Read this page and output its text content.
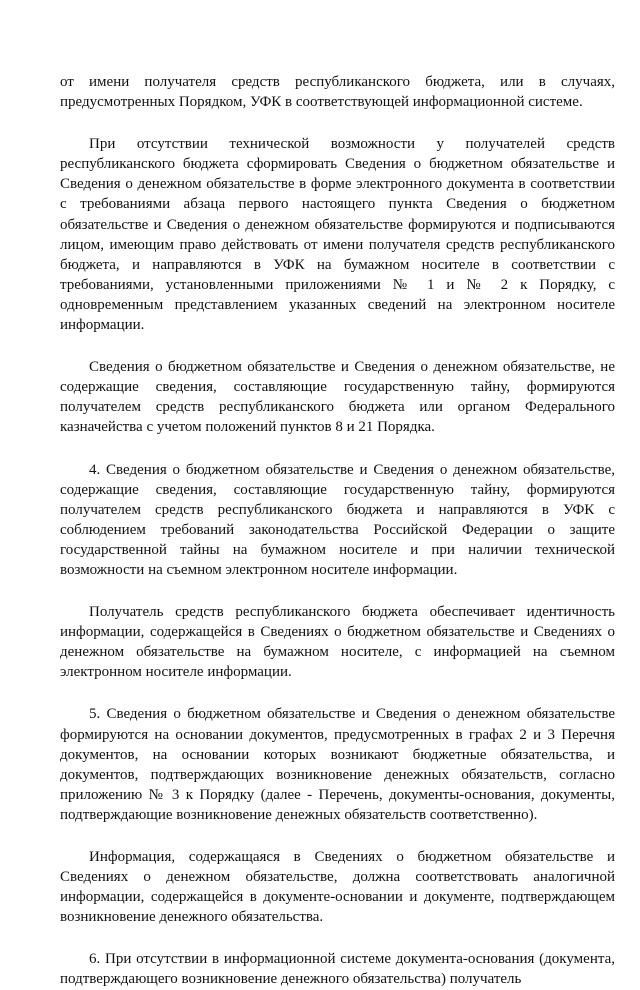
от имени получателя средств республиканского бюджета, или в случаях, предусмотренных Порядком, УФК в соответствующей информационной системе.

При отсутствии технической возможности у получателей средств республиканского бюджета сформировать Сведения о бюджетном обязательстве и Сведения о денежном обязательстве в форме электронного документа в соответствии с требованиями абзаца первого настоящего пункта Сведения о бюджетном обязательстве и Сведения о денежном обязательстве формируются и подписываются лицом, имеющим право действовать от имени получателя средств республиканского бюджета, и направляются в УФК на бумажном носителе в соответствии с требованиями, установленными приложениями № 1 и № 2 к Порядку, с одновременным представлением указанных сведений на электронном носителе информации.

Сведения о бюджетном обязательстве и Сведения о денежном обязательстве, не содержащие сведения, составляющие государственную тайну, формируются получателем средств республиканского бюджета или органом Федерального казначейства с учетом положений пунктов 8 и 21 Порядка.

4. Сведения о бюджетном обязательстве и Сведения о денежном обязательстве, содержащие сведения, составляющие государственную тайну, формируются получателем средств республиканского бюджета и направляются в УФК с соблюдением требований законодательства Российской Федерации о защите государственной тайны на бумажном носителе и при наличии технической возможности на съемном электронном носителе информации.

Получатель средств республиканского бюджета обеспечивает идентичность информации, содержащейся в Сведениях о бюджетном обязательстве и Сведениях о денежном обязательстве на бумажном носителе, с информацией на съемном электронном носителе информации.

5. Сведения о бюджетном обязательстве и Сведения о денежном обязательстве формируются на основании документов, предусмотренных в графах 2 и 3 Перечня документов, на основании которых возникают бюджетные обязательства, и документов, подтверждающих возникновение денежных обязательств, согласно приложению № 3 к Порядку (далее - Перечень, документы-основания, документы, подтверждающие возникновение денежных обязательств соответственно).

Информация, содержащаяся в Сведениях о бюджетном обязательстве и Сведениях о денежном обязательстве, должна соответствовать аналогичной информации, содержащейся в документе-основании и документе, подтверждающем возникновение денежного обязательства.

6. При отсутствии в информационной системе документа-основания (документа, подтверждающего возникновение денежного обязательства) получатель
